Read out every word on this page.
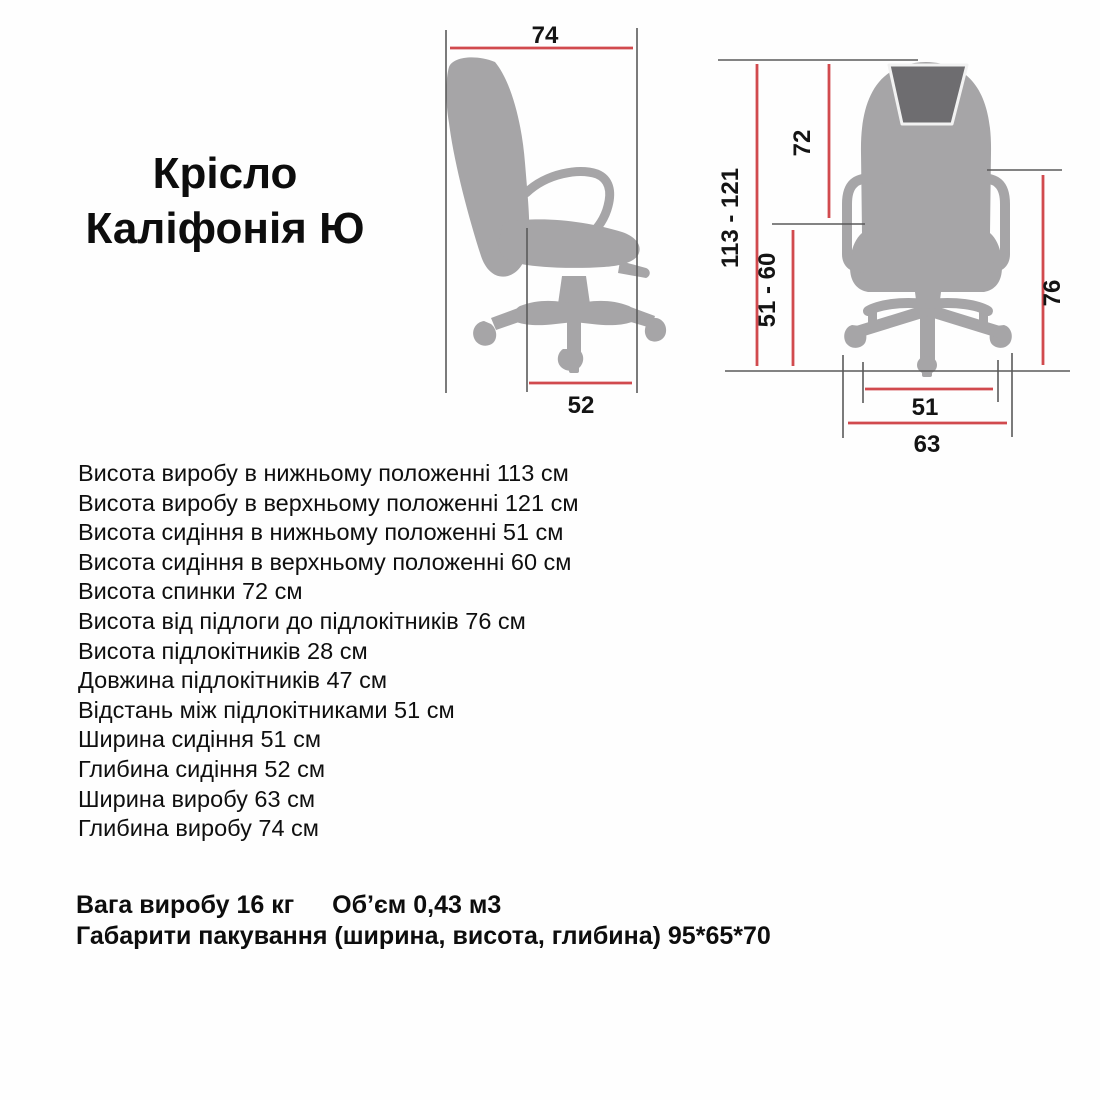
Крісло
Каліфонія Ю
74
52
113 - 121
72
51 - 60	76
51
63
Висота виробу в нижньому положенні 113 см
Висота виробу в верхньому положенні 121 см
Висота сидіння в нижньому положенні 51 см
Висота сидіння в верхньому положенні 60 см
Висота спинки 72 см
Висота від підлоги до підлокітників 76 см
Висота підлокітників 28 см
Довжина підлокітників 47 см
Відстань між підлокітниками 51 см
Ширина сидіння 51 см
Глибина сидіння 52 см
Ширина виробу 63 см
Глибина виробу 74 см
Вага виробу 16 кг Об’єм 0,43 м3
Габарити пакування (ширина, висота, глибина) 95*65*70
